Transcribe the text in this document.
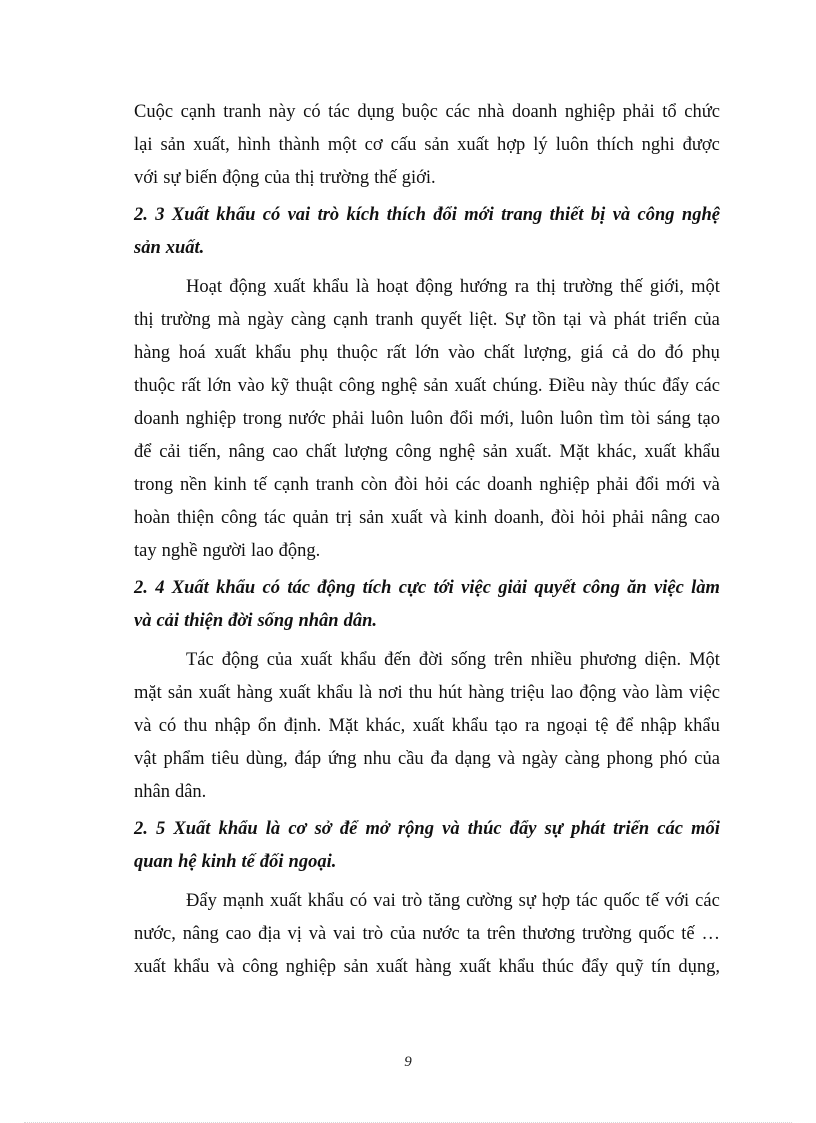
Cuộc cạnh tranh này có tác dụng buộc các nhà doanh nghiệp phải tổ chức
lại sản xuất, hình thành một cơ cấu sản xuất hợp lý luôn thích nghi được
với sự biến động của thị trường thế giới.
2. 3 Xuất khẩu có vai trò kích thích đổi mới trang thiết bị và công nghệ
sản xuất.
Hoạt động xuất khẩu là hoạt động hướng ra thị trường thế giới, một
thị trường mà ngày càng cạnh tranh quyết liệt. Sự tồn tại và phát triển của
hàng hoá xuất khẩu phụ thuộc rất lớn vào chất lượng, giá cả do đó phụ
thuộc rất lớn vào kỹ thuật công nghệ sản xuất chúng. Điều này thúc đẩy các
doanh nghiệp trong nước phải luôn luôn đổi mới, luôn luôn tìm tòi sáng tạo
để cải tiến, nâng cao chất lượng công nghệ sản xuất. Mặt khác, xuất khẩu
trong nền kinh tế cạnh tranh còn đòi hỏi các doanh nghiệp phải đổi mới và
hoàn thiện công tác quản trị sản xuất và kinh doanh, đòi hỏi phải nâng cao
tay nghề người lao động.
2. 4 Xuất khẩu có tác động tích cực tới việc giải quyết công ăn việc làm
và cải thiện đời sống nhân dân.
Tác động của xuất khẩu đến đời sống trên nhiều phương diện. Một
mặt sản xuất hàng xuất khẩu là nơi thu hút hàng triệu lao động vào làm việc
và có thu nhập ổn định. Mặt khác, xuất khẩu tạo ra ngoại tệ để nhập khẩu
vật phẩm tiêu dùng, đáp ứng nhu cầu đa dạng và ngày càng phong phó của
nhân dân.
2. 5 Xuất khẩu là cơ sở để mở rộng và thúc đẩy sự phát triển các mối
quan hệ kinh tế đối ngoại.
Đẩy mạnh xuất khẩu có vai trò tăng cường sự hợp tác quốc tế với các
nước, nâng cao địa vị và vai trò của nước ta trên thương trường quốc tế …
xuất khẩu và công nghiệp sản xuất hàng xuất khẩu thúc đẩy quỹ tín dụng,
9
